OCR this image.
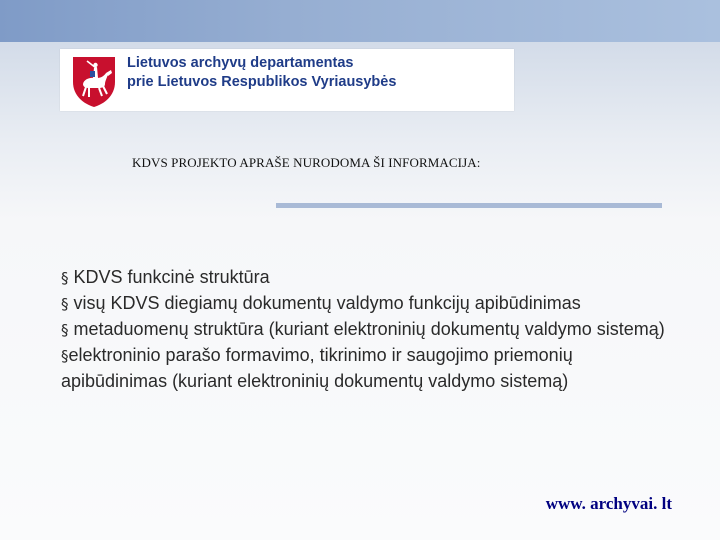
Lietuvos archyvų departamentas
prie Lietuvos Respublikos Vyriausybės
KDVS PROJEKTO APRAŠE NURODOMA ŠI INFORMACIJA:
§ KDVS funkcinė struktūra
§ visų KDVS diegiamų dokumentų valdymo funkcijų apibūdinimas
§ metaduomenų struktūra (kuriant elektroninių dokumentų valdymo sistemą)
§elektroninio parašo formavimo, tikrinimo ir saugojimo priemonių apibūdinimas (kuriant elektroninių dokumentų valdymo sistemą)
www. archyvai. lt
